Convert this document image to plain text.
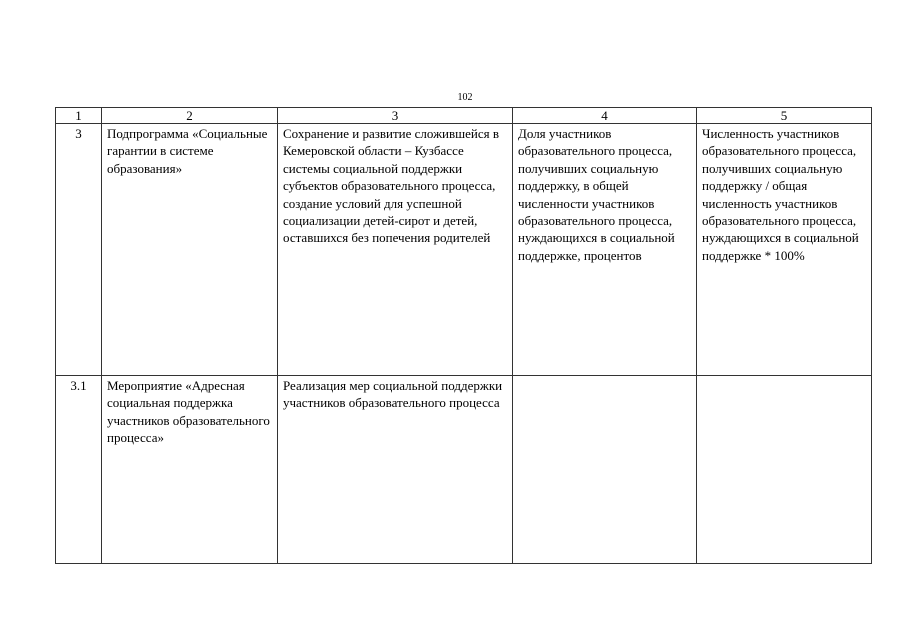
102
1	2	3	4	5
3	Подпрограмма «Социальные гарантии в системе образования»	Сохранение и развитие сложившейся в Кемеровской области – Кузбассе системы социальной поддержки субъектов образовательного процесса, создание условий для успешной социализации детей-сирот и детей, оставшихся без попечения родителей	Доля участников образовательного процесса, получивших социальную поддержку, в общей численности участников образовательного процесса, нуждающихся в социальной поддержке, процентов	Численность участников образовательного процесса, получивших социальную поддержку / общая численность участников образовательного процесса, нуждающихся в социальной поддержке * 100%
3.1	Мероприятие «Адресная социальная поддержка участников образовательного процесса»	Реализация мер социальной поддержки участников образовательного процесса		
